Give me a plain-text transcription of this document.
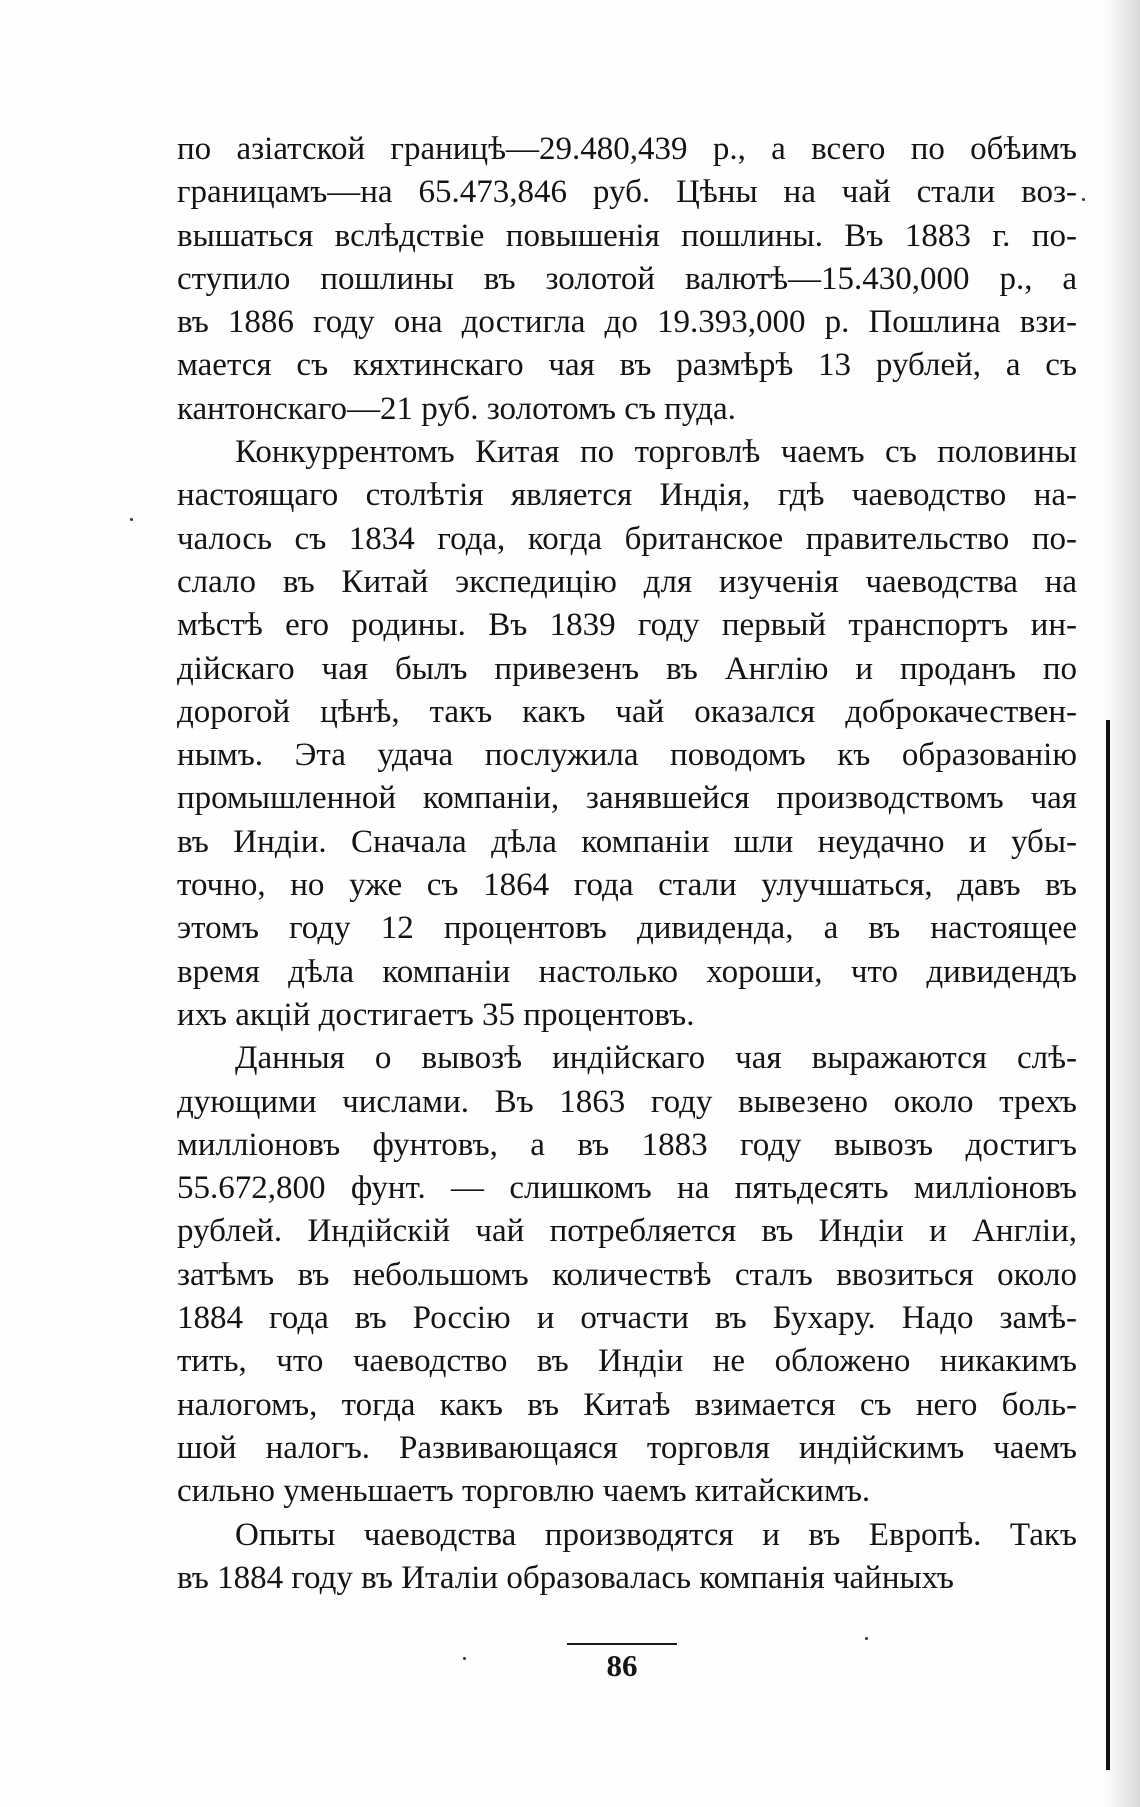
по азіатской границѣ—29.480,439 р., а всего по обѣимъ
границамъ—на 65.473,846 руб. Цѣны на чай стали воз-
вышаться вслѣдствіе повышенія пошлины. Въ 1883 г. по-
ступило пошлины въ золотой валютѣ—15.430,000 р., а
въ 1886 году она достигла до 19.393,000 р. Пошлина взи-
мается съ кяхтинскаго чая въ размѣрѣ 13 рублей, а съ
кантонскаго—21 руб. золотомъ съ пуда.
Конкуррентомъ Китая по торговлѣ чаемъ съ половины
настоящаго столѣтія является Индія, гдѣ чаеводство на-
чалось съ 1834 года, когда британское правительство по-
слало въ Китай экспедицію для изученія чаеводства на
мѣстѣ его родины. Въ 1839 году первый транспортъ ин-
дійскаго чая былъ привезенъ въ Англію и проданъ по
дорогой цѣнѣ, такъ какъ чай оказался доброкачествен-
нымъ. Эта удача послужила поводомъ къ образованію
промышленной компаніи, занявшейся производствомъ чая
въ Индіи. Сначала дѣла компаніи шли неудачно и убы-
точно, но уже съ 1864 года стали улучшаться, давъ въ
этомъ году 12 процентовъ дивиденда, а въ настоящее
время дѣла компаніи настолько хороши, что дивидендъ
ихъ акцій достигаетъ 35 процентовъ.
Данныя о вывозѣ индійскаго чая выражаются слѣ-
дующими числами. Въ 1863 году вывезено около трехъ
милліоновъ фунтовъ, а въ 1883 году вывозъ достигъ
55.672,800 фунт. — слишкомъ на пятьдесять милліоновъ
рублей. Индійскій чай потребляется въ Индіи и Англіи,
затѣмъ въ небольшомъ количествѣ сталъ ввозиться около
1884 года въ Россію и отчасти въ Бухару. Надо замѣ-
тить, что чаеводство въ Индіи не обложено никакимъ
налогомъ, тогда какъ въ Китаѣ взимается съ него боль-
шой налогъ. Развивающаяся торговля индійскимъ чаемъ
сильно уменьшаетъ торговлю чаемъ китайскимъ.
Опыты чаеводства производятся и въ Европѣ. Такъ
въ 1884 году въ Италіи образовалась компанія чайныхъ
86
